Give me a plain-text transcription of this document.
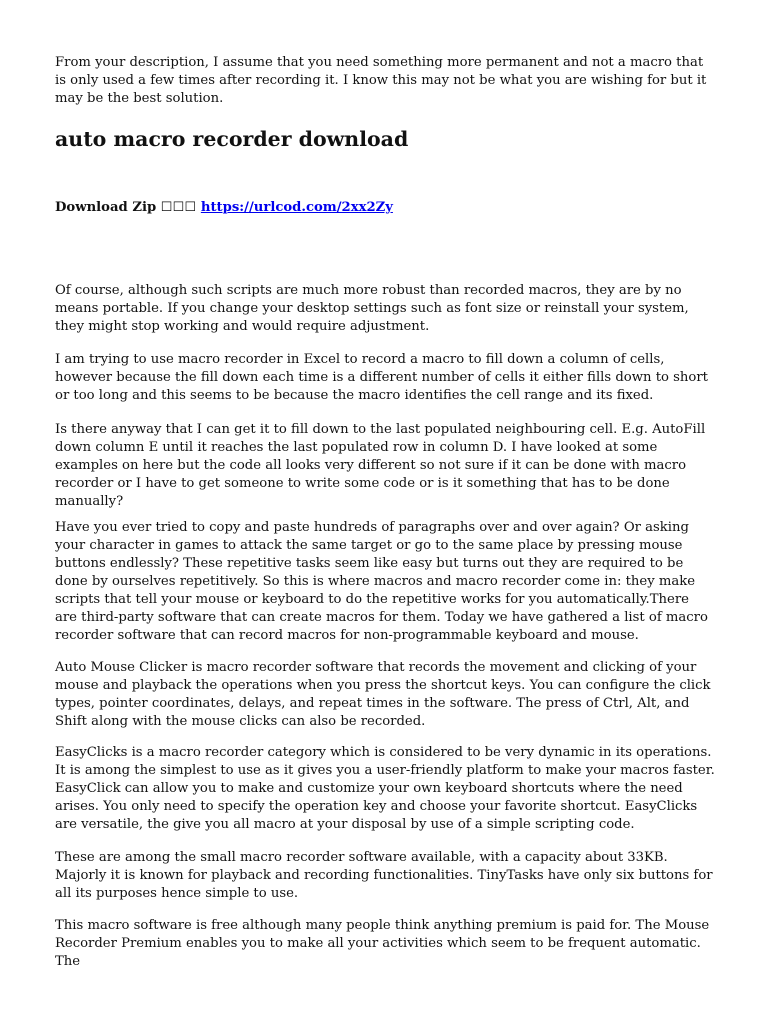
From your description, I assume that you need something more permanent and not a macro that is only used a few times after recording it. I know this may not be what you are wishing for but it may be the best solution.

auto macro recorder download
Download Zip ☐☐☐ https://urlcod.com/2xx2Zy

Of course, although such scripts are much more robust than recorded macros, they are by no means portable. If you change your desktop settings such as font size or reinstall your system, they might stop working and would require adjustment.

I am trying to use macro recorder in Excel to record a macro to fill down a column of cells, however because the fill down each time is a different number of cells it either fills down to short or too long and this seems to be because the macro identifies the cell range and its fixed.

Is there anyway that I can get it to fill down to the last populated neighbouring cell. E.g. AutoFill down column E until it reaches the last populated row in column D. I have looked at some examples on here but the code all looks very different so not sure if it can be done with macro recorder or I have to get someone to write some code or is it something that has to be done manually?

Have you ever tried to copy and paste hundreds of paragraphs over and over again? Or asking your character in games to attack the same target or go to the same place by pressing mouse buttons endlessly? These repetitive tasks seem like easy but turns out they are required to be done by ourselves repetitively. So this is where macros and macro recorder come in: they make scripts that tell your mouse or keyboard to do the repetitive works for you automatically.There are third-party software that can create macros for them. Today we have gathered a list of macro recorder software that can record macros for non-programmable keyboard and mouse.

Auto Mouse Clicker is macro recorder software that records the movement and clicking of your mouse and playback the operations when you press the shortcut keys. You can configure the click types, pointer coordinates, delays, and repeat times in the software. The press of Ctrl, Alt, and Shift along with the mouse clicks can also be recorded.

EasyClicks is a macro recorder category which is considered to be very dynamic in its operations. It is among the simplest to use as it gives you a user-friendly platform to make your macros faster. EasyClick can allow you to make and customize your own keyboard shortcuts where the need arises. You only need to specify the operation key and choose your favorite shortcut. EasyClicks are versatile, the give you all macro at your disposal by use of a simple scripting code.

These are among the small macro recorder software available, with a capacity about 33KB. Majorly it is known for playback and recording functionalities. TinyTasks have only six buttons for all its purposes hence simple to use.

This macro software is free although many people think anything premium is paid for. The Mouse Recorder Premium enables you to make all your activities which seem to be frequent automatic. The
